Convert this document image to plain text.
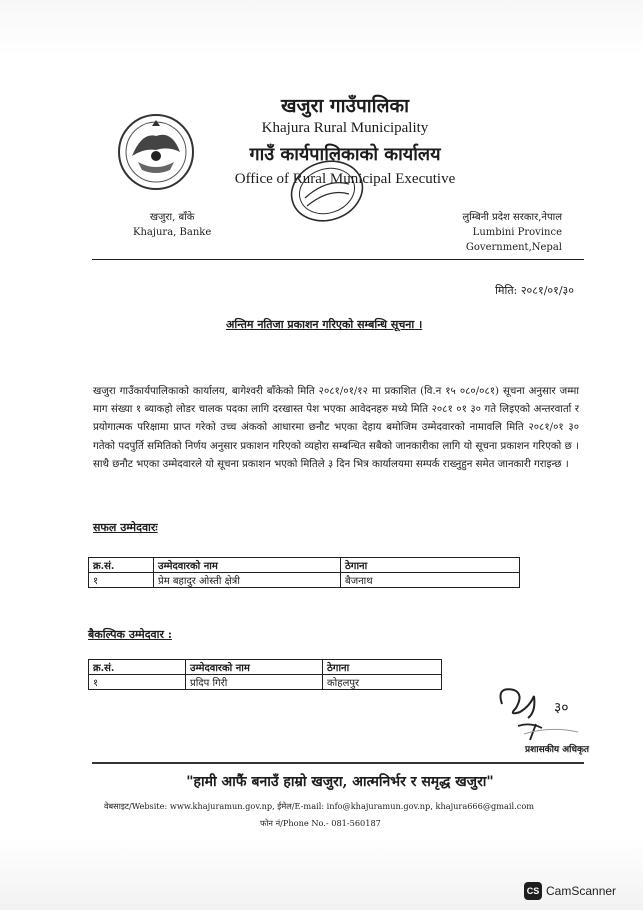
खजुरा गाउँपालिका
Khajura Rural Municipality
गाउँ कार्यपालिकाको कार्यालय
Office of Rural Municipal Executive
खजुरा, बाँके
Khajura, Banke
लुम्बिनी प्रदेश सरकार,नेपाल
Lumbini Province Government,Nepal
मिति: २०८१/०१/३०
अन्तिम नतिजा प्रकाशन गरिएको सम्बन्धि सूचना ।
खजुरा गाउँकार्यपालिकाको कार्यालय, बागेश्वरी बाँकेको मिति २०८१/०१/१२ मा प्रकाशित (वि.न १५ ०८०/०८१) सूचना अनुसार जम्मा माग संख्या १ ब्याकहो लोडर चालक पदका लागि दरखास्त पेश भएका आवेदनहरु मध्ये मिति २०८१ ०१ ३० गते लिइएको अन्तरवार्ता र प्रयोगात्मक परिक्षामा प्राप्त गरेको उच्च अंकको आधारमा छनौट भएका देहाय बमोजिम उम्मेदवारको नामावलि मिति २०८१/०१ ३० गतेको पदपुर्ति समितिको निर्णय अनुसार प्रकाशन गरिएको व्यहोरा सम्बन्धित सबैको जानकारीका लागि यो सूचना प्रकाशन गरिएको छ । साथै छनौट भएका उम्मेदवारले यो सूचना प्रकाशन भएको मितिले ३ दिन भित्र कार्यालयमा सम्पर्क राख्नुहुन समेत जानकारी गराइन्छ ।
सफल उम्मेदवारः
क्र.सं.	उम्मेदवारको नाम	ठेगाना
१	प्रेम बहादुर ओस्ती क्षेत्री	बैजनाथ
बैकल्पिक उम्मेदवार :
क्र.सं.	उम्मेदवारको नाम	ठेगाना
१	प्रदिप गिरी	कोहलपुर
३०
प्रशासकीय अधिकृत
"हामी आफैं बनाउँ हाम्रो खजुरा, आत्मनिर्भर र समृद्ध खजुरा"
वेबसाइट/Website: www.khajuramun.gov.np, ईमेल/E-mail: info@khajuramun.gov.np, khajura666@gmail.com
फोन नं/Phone No.- 081-560187
CS CamScanner
